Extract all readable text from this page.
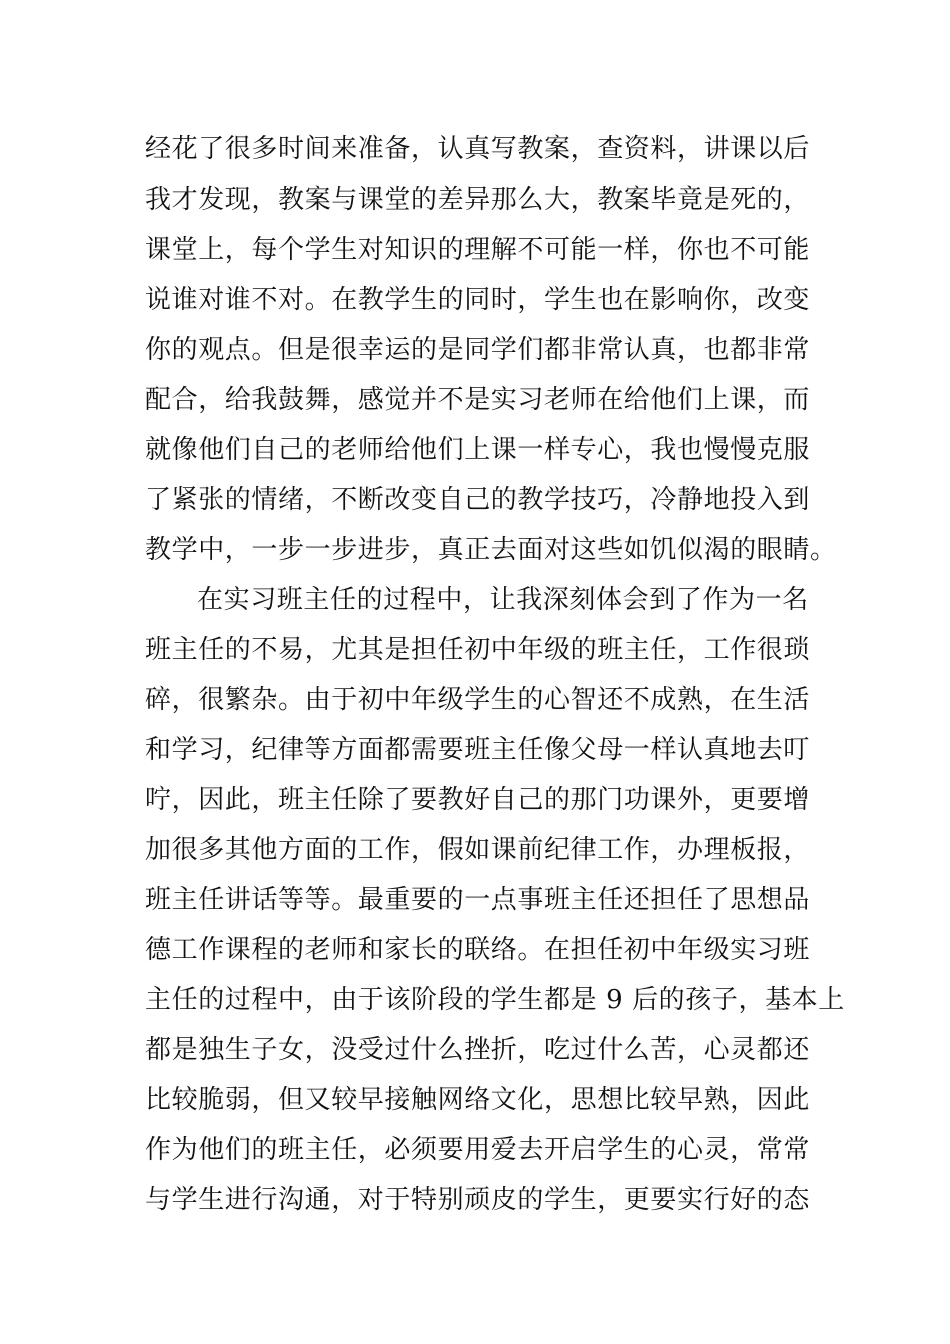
经花了很多时间来准备，认真写教案，查资料，讲课以后
我才发现，教案与课堂的差异那么大，教案毕竟是死的，
课堂上，每个学生对知识的理解不可能一样，你也不可能
说谁对谁不对。在教学生的同时，学生也在影响你，改变
你的观点。但是很幸运的是同学们都非常认真，也都非常
配合，给我鼓舞，感觉并不是实习老师在给他们上课，而
就像他们自己的老师给他们上课一样专心，我也慢慢克服
了紧张的情绪，不断改变自己的教学技巧，冷静地投入到
教学中，一步一步进步，真正去面对这些如饥似渴的眼睛。
在实习班主任的过程中，让我深刻体会到了作为一名
班主任的不易，尤其是担任初中年级的班主任，工作很琐
碎，很繁杂。由于初中年级学生的心智还不成熟，在生活
和学习，纪律等方面都需要班主任像父母一样认真地去叮
咛，因此，班主任除了要教好自己的那门功课外，更要增
加很多其他方面的工作，假如课前纪律工作，办理板报，
班主任讲话等等。最重要的一点事班主任还担任了思想品
德工作课程的老师和家长的联络。在担任初中年级实习班
主任的过程中，由于该阶段的学生都是 9 后的孩子，基本上
都是独生子女，没受过什么挫折，吃过什么苦，心灵都还
比较脆弱，但又较早接触网络文化，思想比较早熟，因此
作为他们的班主任，必须要用爱去开启学生的心灵，常常
与学生进行沟通，对于特别顽皮的学生，更要实行好的态
